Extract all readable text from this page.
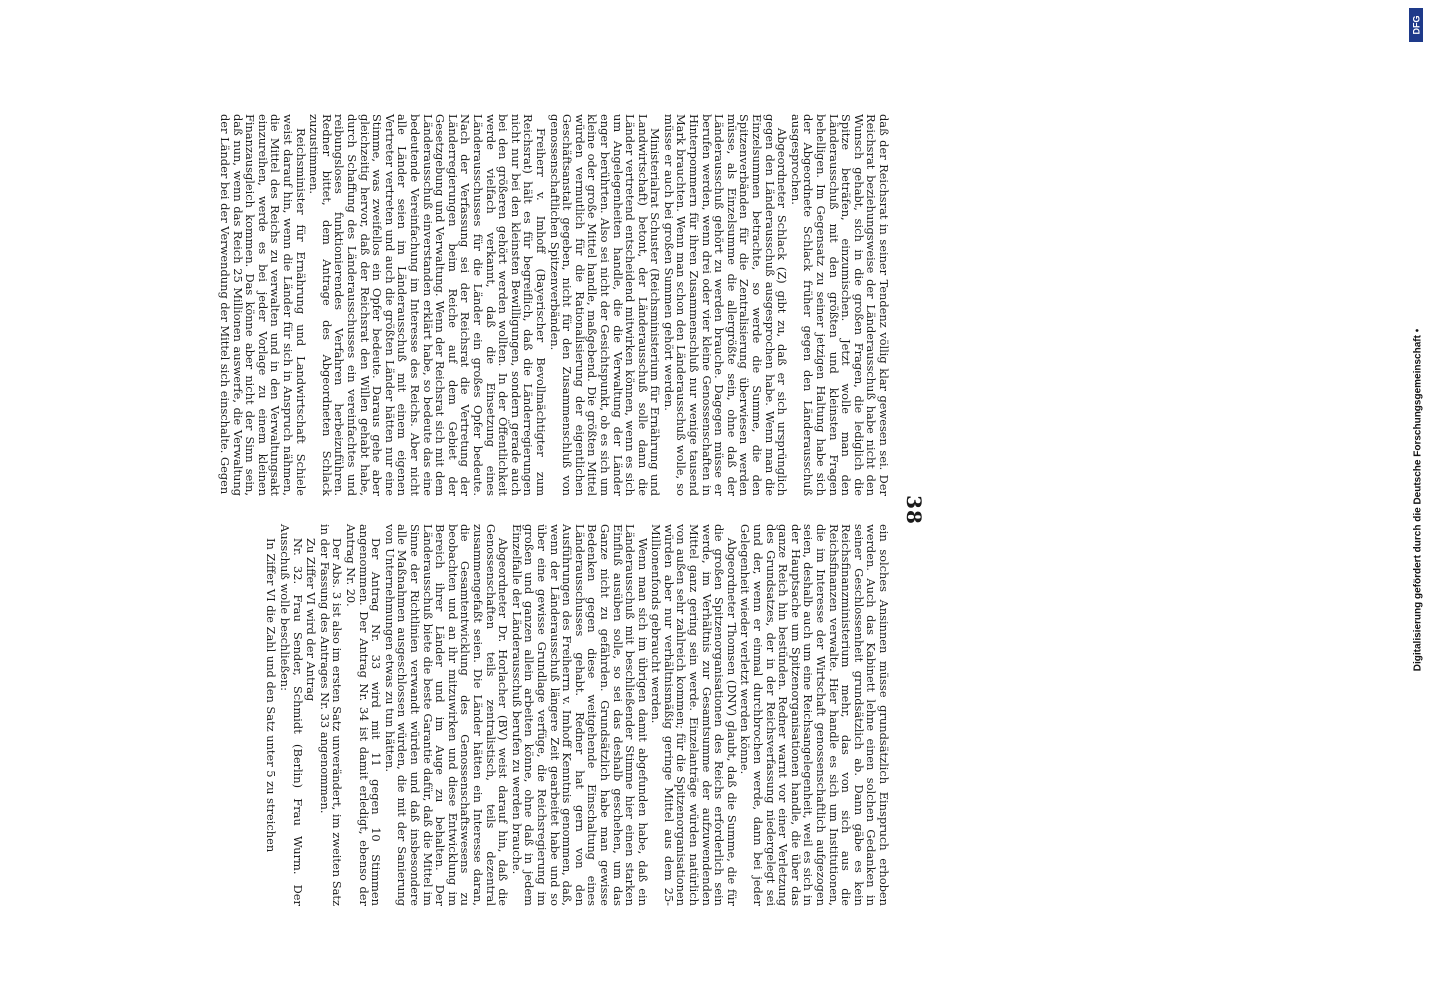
38

daß der Reichsrat in seiner Tendenz völlig klar gewesen sei. Der Reichsrat beziehungsweise der Länderausschuß habe nicht den Wunsch gehabt, sich in die großen Fragen, die lediglich die Spitze beträfen, einzumischen. Jetzt wolle man den Länderausschuß mit den größten und kleinsten Fragen behelligen. Im Gegensatz zu seiner jetzigen Haltung habe sich der Abgeordnete Schlack früher gegen den Länderausschuß ausgesprochen.

Abgeordneter Schlack (Z) gibt zu, daß er sich ursprünglich gegen den Länderausschuß ausgesprochen habe. Wenn man die Einzelsummen betrachte, so werde die Summe, die den Spitzenverbänden für die Zentralisierung überwiesen werden müsse, als Einzelsumme die allergrößte sein, ohne daß der Länderausschuß gehört zu werden brauche. Dagegen müsse er berufen werden, wenn drei oder vier kleine Genossenschaften in Hinterpommern für ihren Zusammenschluß nur wenige tausend Mark brauchten. Wenn man schon den Länderausschuß wolle, so müsse er auch bei großen Summen gehört werden.

Ministerialrat Schuster (Reichsministerium für Ernährung und Landwirtschaft) betont, der Länderausschuß solle dann die Länder vertretend entscheidend mitwirken können, wenn es sich um Angelegenheiten handle, die die Verwaltung der Länder enger berührten. Also sei nicht der Gesichtspunkt, ob es sich um kleine oder große Mittel handle, maßgebend. Die größten Mittel würden vermutlich für die Rationalisierung der eigentlichen Geschäftsanstalt gegeben, nicht für den Zusammenschluß von genossenschaftlichen Spitzenverbänden.

Freiherr v. Imhoff (Bayerischer Bevollmächtigter zum Reichsrat) hält es für begreiflich, daß die Länderregierungen nicht nur bei den kleinsten Bewilligungen, sondern gerade auch bei den größeren gehört werden wollten. In der Öffentlichkeit werde vielfach verkannt, daß die Einsetzung eines Länderausschusses für die Länder ein großes Opfer bedeute. Nach der Verfassung sei der Reichsrat die Vertretung der Länderregierungen beim Reiche auf dem Gebiet der Gesetzgebung und Verwaltung. Wenn der Reichsrat sich mit dem Länderausschuß einverstanden erklärt habe, so bedeute das eine bedeutende Vereinfachung im Interesse des Reichs. Aber nicht alle Länder seien im Länderausschuß mit einem eigenen Vertreter vertreten und auch die größten Länder hätten nur eine Stimme, was zweifellos ein Opfer bedeute. Daraus gehe aber gleichzeitig hervor, daß der Reichsrat den Willen gehabt habe, durch Schaffung des Länderausschusses ein vereinfachtes und reibungsloses funktionierendes Verfahren herbeizuführen. Redner bittet, dem Antrage des Abgeordneten Schlack zuzustimmen.

Reichsminister für Ernährung und Landwirtschaft Schiele weist darauf hin, wenn die Länder für sich in Anspruch nähmen, die Mittel des Reichs zu verwalten und in den Verwaltungsakt einzureihen, werde es bei jeder Vorlage zu einem kleinen Finanzausgleich kommen. Das könne aber nicht der Sinn sein, daß nun, wenn das Reich 25 Millionen auswerfe, die Verwaltung der Länder bei der Verwendung der Mittel sich einschalte. Gegen

ein solches Ansinnen müsse grundsätzlich Einspruch erhoben werden. Auch das Kabinett lehne einen solchen Gedanken in seiner Geschlossenheit grundsätzlich ab. Dann gäbe es kein Reichsfinanzministerium mehr, das von sich aus die Reichsfinanzen verwalte. Hier handle es sich um Institutionen, die im Interesse der Wirtschaft genossenschaftlich aufgezogen seien, deshalb auch um eine Reichsangelegenheit, weil es sich in der Hauptsache um Spitzenorganisationen handle, die über das ganze Reich hin bestünden. Redner warnt vor einer Verletzung des Grundsatzes, der in der Reichsverfassung niedergelegt sei und der, wenn er einmal durchbrochen werde, dann bei jeder Gelegenheit wieder verletzt werden könne.

Abgeordneter Thomsen (DNV) glaubt, daß die Summe, die für die großen Spitzenorganisationen des Reichs erforderlich sein werde, im Verhältnis zur Gesamtsumme der aufzuwendenden Mittel ganz gering sein werde. Einzelanträge würden natürlich von außen sehr zahlreich kommen; für die Spitzenorganisationen würden aber nur verhältnismäßig geringe Mittel aus dem 25-Millionenfonds gebraucht werden.

Wenn man sich im übrigen damit abgefunden habe, daß ein Länderausschuß mit beschließender Stimme hier einen starken Einfluß ausüben solle, so sei das deshalb geschehen, um das Ganze nicht zu gefährden. Grundsätzlich habe man gewisse Bedenken gegen diese weitgehende Einschaltung eines Länderausschusses gehabt. Redner hat gern von den Ausführungen des Freiherrn v. Imhoff Kenntnis genommen, daß, wenn der Länderausschuß längere Zeit gearbeitet habe und so über eine gewisse Grundlage verfüge, die Reichsregierung im großen und ganzen allein arbeiten könne, ohne daß in jedem Einzelfalle der Länderausschuß berufen zu werden brauche.

Abgeordneter Dr. Horlacher (BV) weist darauf hin, daß die Genossenschaften teils zentralistisch, teils dezentral zusammengefaßt seien. Die Länder hätten ein Interesse daran, die Gesamtentwicklung des Genossenschaftswesens zu beobachten und an ihr mitzuwirken und diese Entwicklung im Bereich ihrer Länder und im Auge zu behalten. Der Länderausschuß biete die beste Garantie dafür, daß die Mittel im Sinne der Richtlinien verwandt würden und daß insbesondere alle Maßnahmen ausgeschlossen würden, die mit der Sanierung von Unternehmungen etwas zu tun hätten.

Der Antrag Nr. 33 wird mit 11 gegen 10 Stimmen angenommen. Der Antrag Nr. 34 ist damit erledigt, ebenso der Antrag Nr. 20.

Der Abs. 3 ist also im ersten Satz unverändert, im zweiten Satz in der Fassung des Antrages Nr. 33 angenommen.

Zu Ziffer VI wird der Antrag

Nr. 32. Frau Sender, Schmidt (Berlin) Frau Wurm. Der Ausschuß wolle beschließen:

In Ziffer VI die Zahl und den Satz unter 5 zu streichen

DFG
Digitalisierung gefördert durch die Deutsche Forschungsgemeinschaft •
